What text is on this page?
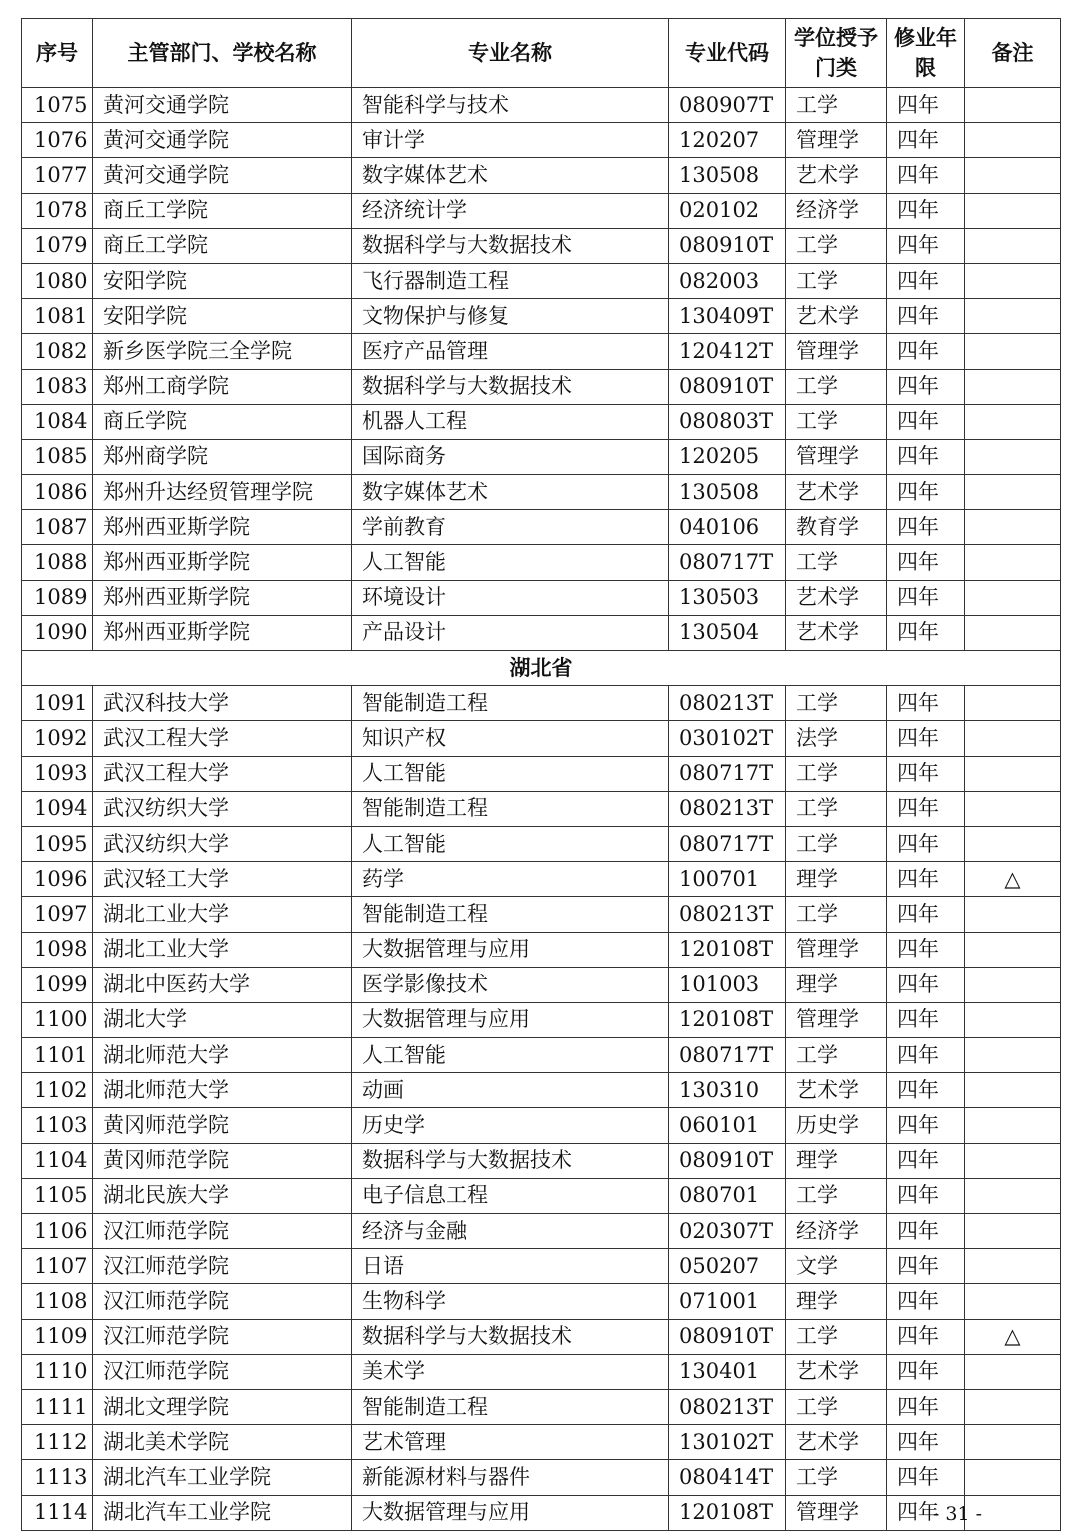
序号	主管部门、学校名称	专业名称	专业代码	学位授予门类	修业年限	备注
1075	黄河交通学院	智能科学与技术	080907T	工学	四年	
1076	黄河交通学院	审计学	120207	管理学	四年	
1077	黄河交通学院	数字媒体艺术	130508	艺术学	四年	
1078	商丘工学院	经济统计学	020102	经济学	四年	
1079	商丘工学院	数据科学与大数据技术	080910T	工学	四年	
1080	安阳学院	飞行器制造工程	082003	工学	四年	
1081	安阳学院	文物保护与修复	130409T	艺术学	四年	
1082	新乡医学院三全学院	医疗产品管理	120412T	管理学	四年	
1083	郑州工商学院	数据科学与大数据技术	080910T	工学	四年	
1084	商丘学院	机器人工程	080803T	工学	四年	
1085	郑州商学院	国际商务	120205	管理学	四年	
1086	郑州升达经贸管理学院	数字媒体艺术	130508	艺术学	四年	
1087	郑州西亚斯学院	学前教育	040106	教育学	四年	
1088	郑州西亚斯学院	人工智能	080717T	工学	四年	
1089	郑州西亚斯学院	环境设计	130503	艺术学	四年	
1090	郑州西亚斯学院	产品设计	130504	艺术学	四年	
湖北省						
1091	武汉科技大学	智能制造工程	080213T	工学	四年	
1092	武汉工程大学	知识产权	030102T	法学	四年	
1093	武汉工程大学	人工智能	080717T	工学	四年	
1094	武汉纺织大学	智能制造工程	080213T	工学	四年	
1095	武汉纺织大学	人工智能	080717T	工学	四年	
1096	武汉轻工大学	药学	100701	理学	四年	△
1097	湖北工业大学	智能制造工程	080213T	工学	四年	
1098	湖北工业大学	大数据管理与应用	120108T	管理学	四年	
1099	湖北中医药大学	医学影像技术	101003	理学	四年	
1100	湖北大学	大数据管理与应用	120108T	管理学	四年	
1101	湖北师范大学	人工智能	080717T	工学	四年	
1102	湖北师范大学	动画	130310	艺术学	四年	
1103	黄冈师范学院	历史学	060101	历史学	四年	
1104	黄冈师范学院	数据科学与大数据技术	080910T	理学	四年	
1105	湖北民族大学	电子信息工程	080701	工学	四年	
1106	汉江师范学院	经济与金融	020307T	经济学	四年	
1107	汉江师范学院	日语	050207	文学	四年	
1108	汉江师范学院	生物科学	071001	理学	四年	
1109	汉江师范学院	数据科学与大数据技术	080910T	工学	四年	△
1110	汉江师范学院	美术学	130401	艺术学	四年	
1111	湖北文理学院	智能制造工程	080213T	工学	四年	
1112	湖北美术学院	艺术管理	130102T	艺术学	四年	
1113	湖北汽车工业学院	新能源材料与器件	080414T	工学	四年	
1114	湖北汽车工业学院	大数据管理与应用	120108T	管理学	四年	
- 31 -
